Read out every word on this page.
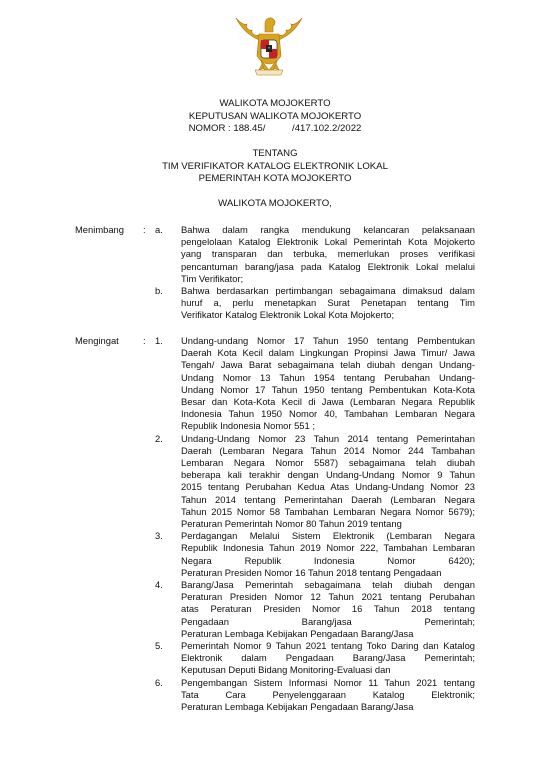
WALIKOTA MOJOKERTO
KEPUTUSAN WALIKOTA MOJOKERTO
NOMOR : 188.45/          /417.102.2/2022
TENTANG
TIM VERIFIKATOR KATALOG ELEKTRONIK LOKAL
PEMERINTAH KOTA MOJOKERTO
WALIKOTA MOJOKERTO,
Menimbang : a. Bahwa dalam rangka mendukung kelancaran pelaksanaan
pengelolaan Katalog Elektronik Lokal Pemerintah Kota Mojokerto
yang transparan dan terbuka, memerlukan proses verifikasi
pencantuman barang/jasa pada Katalog Elektronik Lokal melalui
Tim Verifikator;
b. Bahwa berdasarkan pertimbangan sebagaimana dimaksud dalam
huruf a, perlu menetapkan Surat Penetapan tentang Tim
Verifikator Katalog Elektronik Lokal Kota Mojokerto;
Mengingat	: 1. Undang-undang Nomor 17 Tahun 1950 tentang Pembentukan
Daerah Kota Kecil dalam Lingkungan Propinsi Jawa Timur/ Jawa
Tengah/ Jawa Barat sebagaimana telah diubah dengan Undang-
Undang Nomor 13 Tahun 1954 tentang Perubahan Undang-
Undang Nomor 17 Tahun 1950 tentang Pembentukan Kota-Kota
Besar dan Kota-Kota Kecil di Jawa (Lembaran Negara Republik
Indonesia Tahun 1950 Nomor 40, Tambahan Lembaran Negara
Republik Indonesia Nomor 551 ;
2. Undang-Undang Nomor 23 Tahun 2014 tentang Pemerintahan
Daerah (Lembaran Negara Tahun 2014 Nomor 244 Tambahan
Lembaran Negara Nomor 5587) sebagaimana telah diubah
beberapa kali terakhir dengan Undang-Undang Nomor 9 Tahun
2015 tentang Perubahan Kedua Atas Undang-Undang Nomor 23
Tahun 2014 tentang Pemerintahan Daerah (Lembaran Negara
Tahun 2015 Nomor 58 Tambahan Lembaran Negara Nomor 5679);
Peraturan Pemerintah Nomor 80 Tahun 2019 tentang
3. Perdagangan Melalui Sistem Elektronik (Lembaran Negara
Republik Indonesia Tahun 2019 Nomor 222, Tambahan Lembaran
Negara Republik Indonesia Nomor 6420);
Peraturan Presiden Nomor 16 Tahun 2018 tentang Pengadaan
4. Barang/Jasa Pemerintah sebagaimana telah diubah dengan
Peraturan Presiden Nomor 12 Tahun 2021 tentang Perubahan
atas Peraturan Presiden Nomor 16 Tahun 2018 tentang
Pengadaan Barang/jasa Pemerintah;
Peraturan Lembaga Kebijakan Pengadaan Barang/Jasa
5. Pemerintah Nomor 9 Tahun 2021 tentang Toko Daring dan Katalog
Elektronik dalam Pengadaan Barang/Jasa Pemerintah;
Keputusan Deputi Bidang Monitoring-Evaluasi dan
6. Pengembangan Sistem Informasi Nomor 11 Tahun 2021 tentang
Tata Cara Penyelenggaraan Katalog Elektronik;
Peraturan Lembaga Kebijakan Pengadaan Barang/Jasa
